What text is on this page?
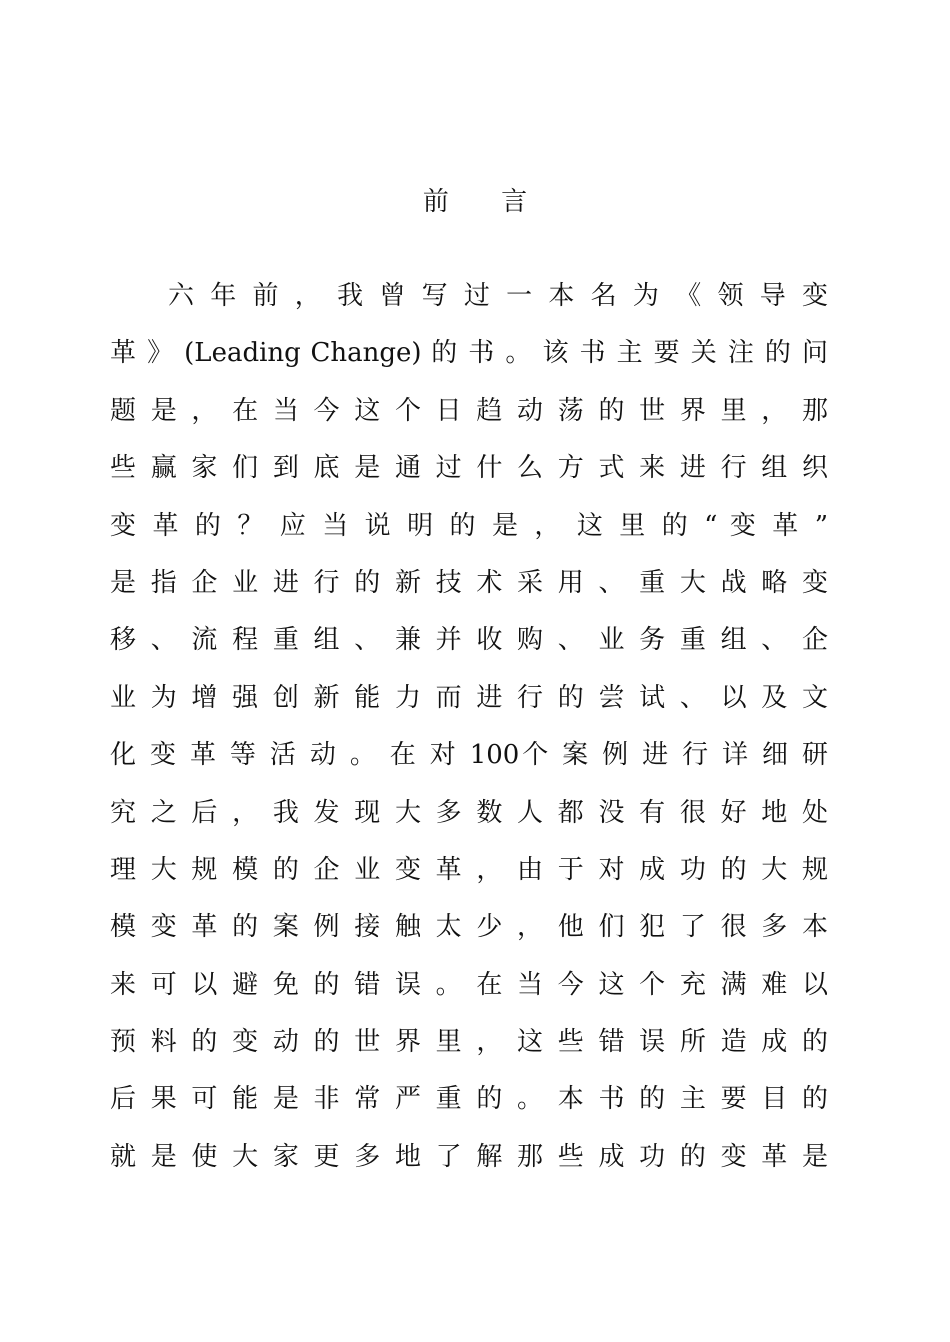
前 言
六 年 前 ， 我 曾 写 过 一 本 名 为 《 领 导 变
革 》 (Leading Change) 的 书 。 该 书 主 要 关 注 的 问
题 是 ， 在 当 今 这 个 日 趋 动 荡 的 世 界 里 ， 那
些 赢 家 们 到 底 是 通 过 什 么 方 式 来 进 行 组 织
变 革 的 ？ 应 当 说 明 的 是 ， 这 里 的 “ 变 革 ”
是 指 企 业 进 行 的 新 技 术 采 用 、 重 大 战 略 变
移 、 流 程 重 组 、 兼 并 收 购 、 业 务 重 组 、 企
业 为 增 强 创 新 能 力 而 进 行 的 尝 试 、 以 及 文
化 变 革 等 活 动 。 在 对 100个 案 例 进 行 详 细 研
究 之 后 ， 我 发 现 大 多 数 人 都 没 有 很 好 地 处
理 大 规 模 的 企 业 变 革 ， 由 于 对 成 功 的 大 规
模 变 革 的 案 例 接 触 太 少 ， 他 们 犯 了 很 多 本
来 可 以 避 免 的 错 误 。 在 当 今 这 个 充 满 难 以
预 料 的 变 动 的 世 界 里 ， 这 些 错 误 所 造 成 的
后 果 可 能 是 非 常 严 重 的 。 本 书 的 主 要 目 的
就 是 使 大 家 更 多 地 了 解 那 些 成 功 的 变 革 是
